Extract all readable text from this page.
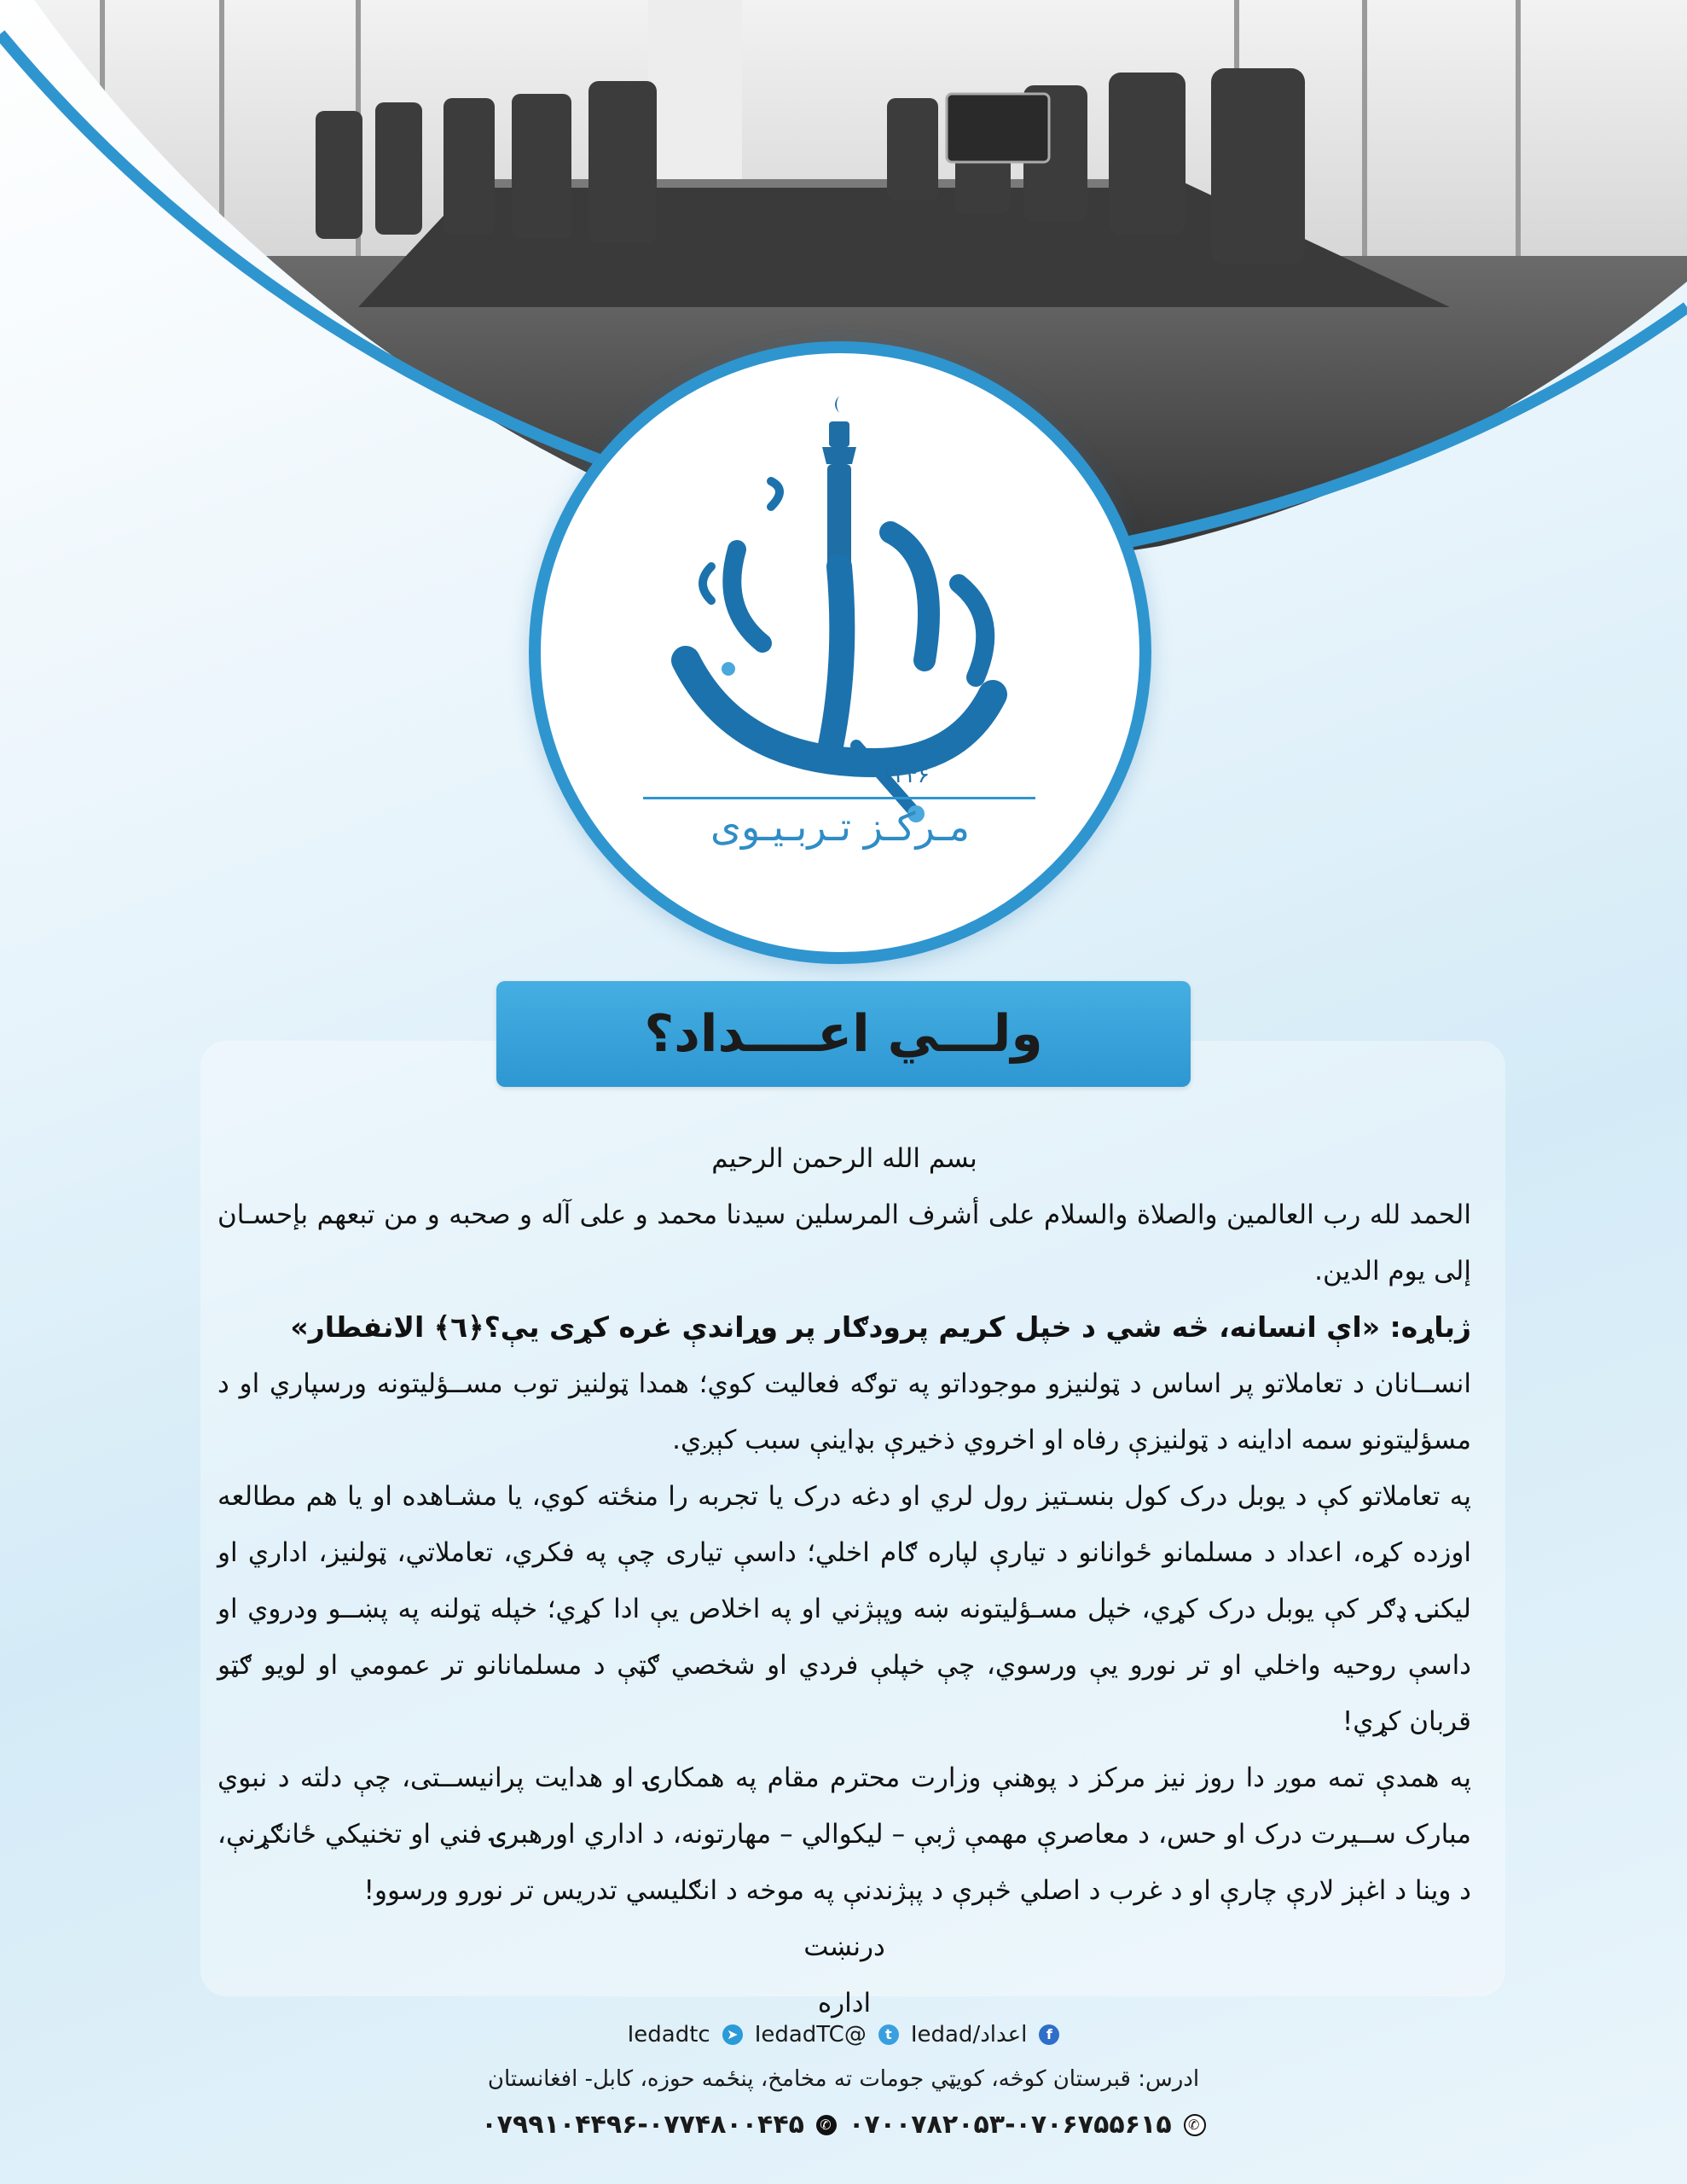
۱۴۴۶
مـركـز تـربـيـوى
ولـــي اعــــداد؟

بسم الله الرحمن الرحيم

الحمد لله رب العالمين والصلاة والسلام على أشرف المرسلين سيدنا محمد و على آله و صحبه و من تبعهم بإحسـان إلى يوم الدين.

ژباړه: «اې انسانه، څه شي د خپل کريم پرودګار پر وړاندې غره کړی یې؟﴿٦﴾ الانفطار»

انســانان د تعاملاتو پر اساس د ټولنيزو موجوداتو په توګه فعاليت کوي؛ همدا ټولنيز توب مســؤليتونه ورسپاري او د مسؤليتونو سمه اداينه د ټولنيزې رفاه او اخروي ذخيرې بډاينې سبب کېږي.

په تعاملاتو کې د يوبل درک کول بنسـتيز رول لري او دغه درک يا تجربه را منځته کوي، يا مشـاهده او يا هم مطالعه اوزده کړه، اعداد د مسلمانو ځوانانو د تيارې لپاره ګام اخلي؛ داسې تيارى چې په فکري، تعاملاتي، ټولنيز، اداري او ليکنۍ ډګر کې يوبل درک کړي، خپل مسـؤليتونه ښه وپېژني او په اخلاص يې ادا کړي؛ خپله ټولنه په پښــو ودروي او داسې روحيه واخلي او تر نورو يې ورسوي، چې خپلې فردي او شخصي ګټې د مسلمانانو تر عمومي او لويو ګټو قربان کړي!

په همدې تمه موږ دا روز نيز مرکز د پوهنې وزارت محترم مقام په همکارۍ او هدايت پرانيســتى، چې دلته د نبوي مبارک ســيرت درک او حس، د معاصرې مهمې ژبې – ليکوالي – مهارتونه، د اداري اورهبرۍ فني او تخنيکي ځانګړنې، د وينا د اغېز لارې چارې او د غرب د اصلي څېرې د پېژندنې په موخه د انګليسي تدريس تر نورو ورسوو!

درنښت

اداره

f
اعداد/Iedad
t
@IedadTC
➤
Iedadtc
ادرس: قبرستان کوڅه، کويټي جومات ته مخامخ، پنځمه حوزه، کابل- افغانستان
✆
۰۷۰۰۷۸۲۰۵۳-۰۷۰۶۷۵۵۶۱۵
✆
۰۷۹۹۱۰۴۴۹۶-۰۷۷۴۸۰۰۴۴۵
